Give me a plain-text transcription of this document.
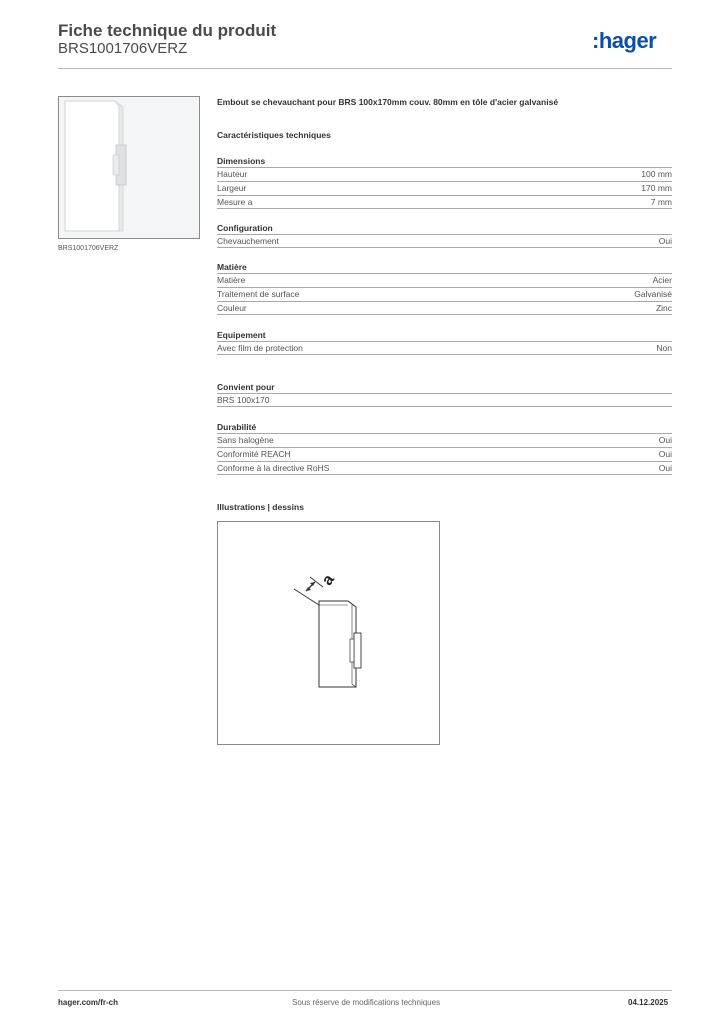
Fiche technique du produit
BRS1001706VERZ	:hager
BRS1001706VERZ
Embout se chevauchant pour BRS 100x170mm couv. 80mm en tôle d'acier galvanisé
Caractéristiques techniques
Dimensions
Hauteur	100 mm
Largeur	170 mm
Mesure a	7 mm
Configuration
Chevauchement	Oui
Matière
Matière	Acier
Traitement de surface	Galvanisé
Couleur	Zinc
Equipement
Avec film de protection	Non
Convient pour
BRS 100x170
Durabilité
Sans halogène	Oui
Conformité REACH	Oui
Conforme à la directive RoHS	Oui
Illustrations | dessins
a
hager.com/fr-ch	Sous réserve de modifications techniques	04.12.2025
